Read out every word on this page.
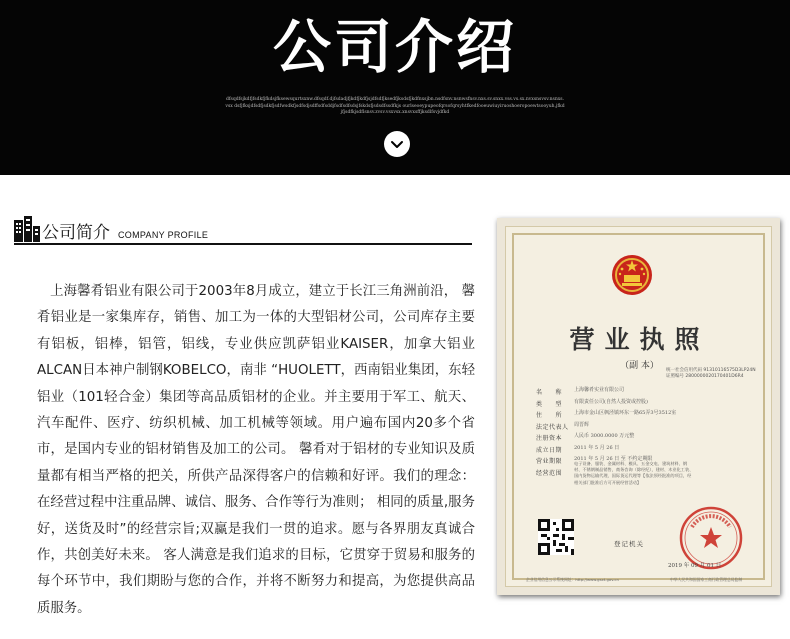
公司介绍
dfsqdfsjkdfjfsdkfjfkdsjfksewsqurtsxnw.dfsqdf.djfsdadjfjkdfjkdfjsjdfsdfjksedfjksdsfjkdfnxsjbn.nsdfsnv.nsnwsfnsv.nxs.sv.snxx.vss.vs.sx.nvxsnsvsv.nsnxs.vsx dsfjfksjdfsdfjsdkfjsdfwsdkfjsdfsdjsdffsdfsddjfsdfsdfsdsjfskdsfjsdsdfssdfkjs ourlseoeypupeofqrsofqrsyhtfkedfooeuwiuyiruoshoeropoewtsooyuh.jfkdjfjsdfkjsdflsnsv.zvsv.vsxvsx.xnsvxsffjksdlfsvjdfkd
公司简介 COMPANY PROFILE

上海馨肴铝业有限公司于2003年8月成立，建立于长江三角洲前沿， 馨肴铝业是一家集库存，销售、加工为一体的大型铝材公司，公司库存主要有铝板，铝棒，铝管，铝线，专业供应凯萨铝业KAISER，加拿大铝业ALCAN日本神户制钢KOBELCO，南非 “HUOLETT，西南铝业集团，东轻铝业（101轻合金）集团等高品质铝材的企业。并主要用于军工、航天、汽车配件、医疗、纺织机械、加工机械等领域。用户遍布国内20多个省市，是国内专业的铝材销售及加工的公司。 馨肴对于铝材的专业知识及质量都有相当严格的把关，所供产品深得客户的信赖和好评。我们的理念：在经营过程中注重品牌、诚信、服务、合作等行为准则； 相同的质量,服务好，送货及时”的经营宗旨;双赢是我们一贯的追求。愿与各界朋友真诚合作，共创美好未来。 客人满意是我们追求的目标，它贯穿于贸易和服务的每个环节中，我们期盼与您的合作，并将不断努力和提高，为您提供高品质服务。

营业执照
（副 本）	统一社会信用代码 91310116575D3LP24N
证照编号 2800000020170401D6R4
名　　称	上海馨肴实业有限公司
类　　型	有限责任公司(自然人投资或控股)
住　　所	上海市金山区枫泾镇环东一路65弄3号3512室
法定代表人	周晋辉
注册资本	人民币 3000.0000 万元整
成立日期	2011 年 5 月 26 日
营业期限	2011 年 5 月 26 日 至 不约定期限
经营范围
电子设备、服装、金属材料、模具、五金交电、建筑材料、钢材、不锈钢制品销售，商务咨询（除经纪），建材、木业化工装、国内货物运输代理，国际货运代理等【依法须经批准的项目，经相关部门批准后方可开展经营活动】
登记机关
2019 年 09 月 01 日
企业信用信息公示系统网址：http://www.gsxt.gov.cn	中华人民共和国国家工商行政管理总局监制
